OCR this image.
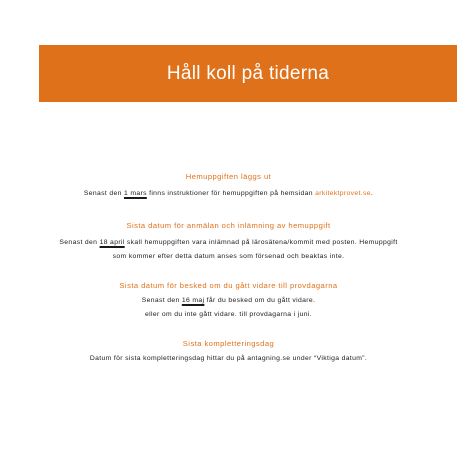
Håll koll på tiderna
Hemuppgiften läggs ut
Senast den 1 mars finns instruktioner för hemuppgiften på hemsidan arkitektprovet.se.
Sista datum för anmälan och inlämning av hemuppgift
Senast den 18 april skall hemuppgiften vara inlämnad på lärosätena/kommit med posten. Hemuppgift
som kommer efter detta datum anses som försenad och beaktas inte.
Sista datum för besked om du gått vidare till provdagarna
Senast den 16 maj får du besked om du gått vidare.
eller om du inte gått vidare. till provdagarna i juni.
Sista kompletteringsdag
Datum för sista kompletteringsdag hittar du på antagning.se under “Viktiga datum”.
